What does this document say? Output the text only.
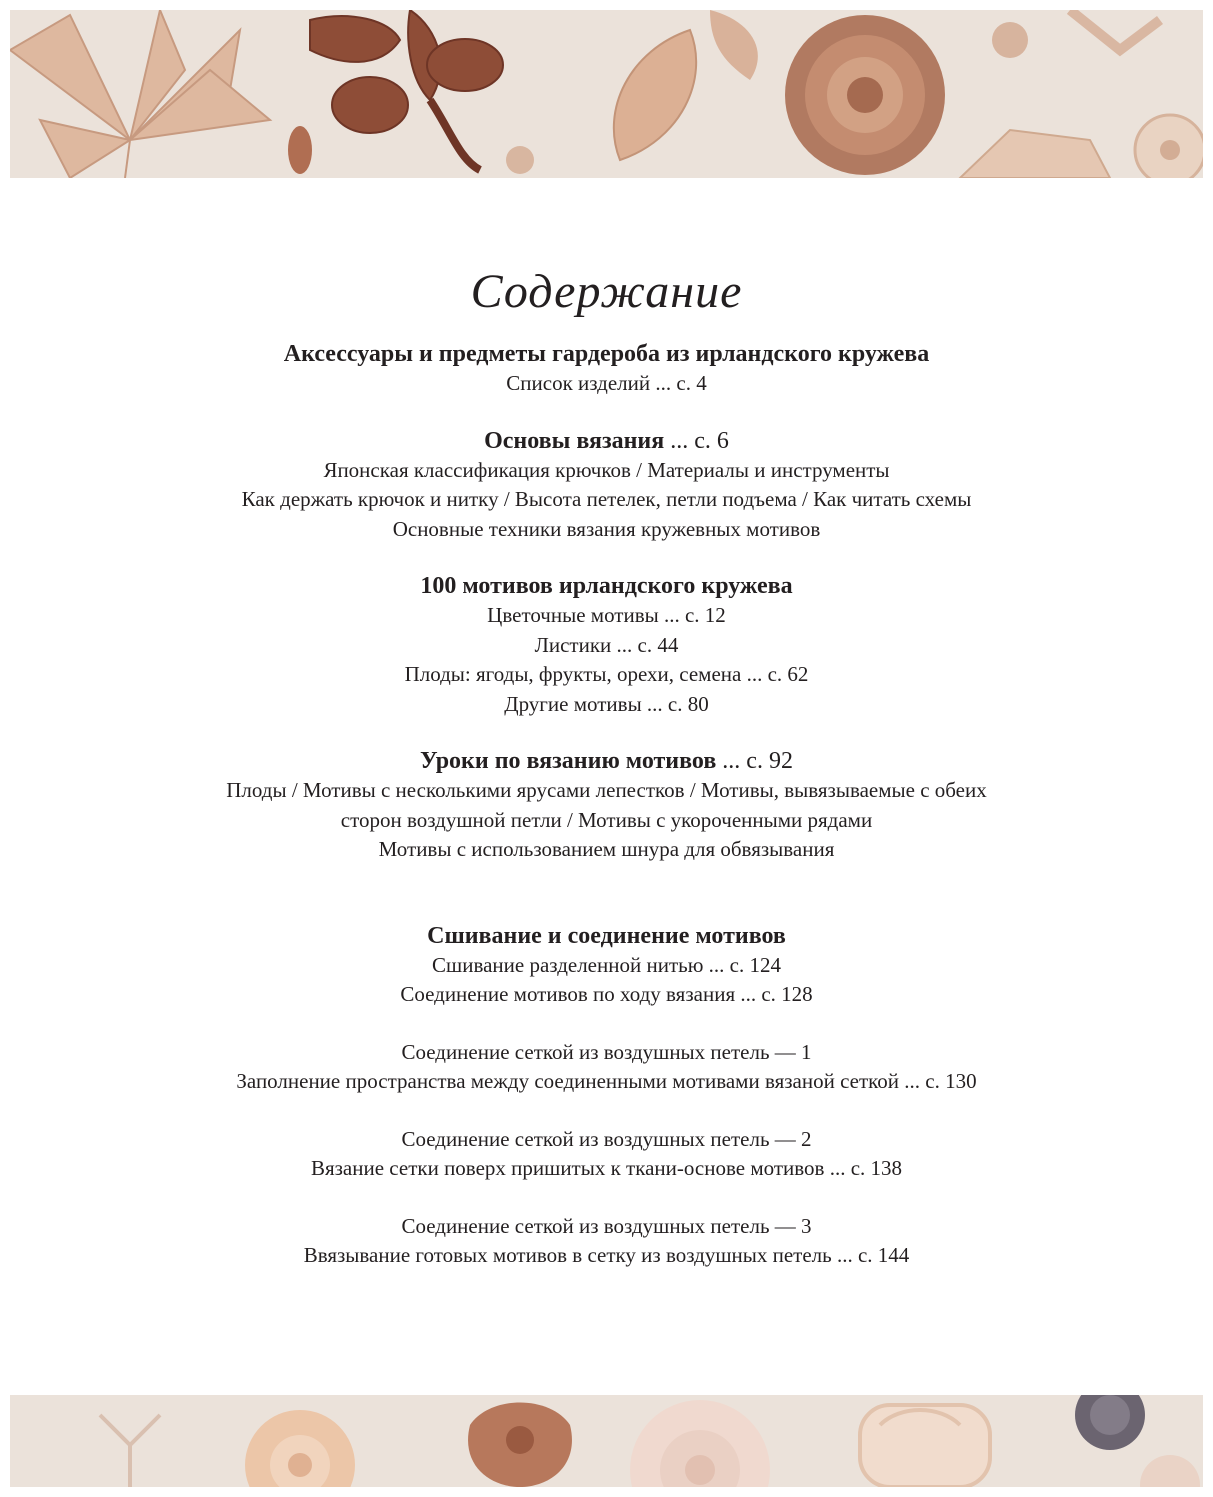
Содержание

Аксессуары и предметы гардероба из ирландского кружева

Список изделий ... с. 4

Основы вязания ... с. 6

Японская классификация крючков / Материалы и инструменты

Как держать крючок и нитку / Высота петелек, петли подъема / Как читать схемы

Основные техники вязания кружевных мотивов

100 мотивов ирландского кружева

Цветочные мотивы ... с. 12

Листики ... с. 44

Плоды: ягоды, фрукты, орехи, семена ... с. 62

Другие мотивы ... с. 80

Уроки по вязанию мотивов ... с. 92

Плоды / Мотивы с несколькими ярусами лепестков / Мотивы, вывязываемые с обеих

сторон воздушной петли / Мотивы с укороченными рядами

Мотивы с использованием шнура для обвязывания

Сшивание и соединение мотивов

Сшивание разделенной нитью ... с. 124

Соединение мотивов по ходу вязания ... с. 128

Соединение сеткой из воздушных петель — 1

Заполнение пространства между соединенными мотивами вязаной сеткой ... с. 130

Соединение сеткой из воздушных петель — 2

Вязание сетки поверх пришитых к ткани-основе мотивов ... с. 138

Соединение сеткой из воздушных петель — 3

Ввязывание готовых мотивов в сетку из воздушных петель ... с. 144
